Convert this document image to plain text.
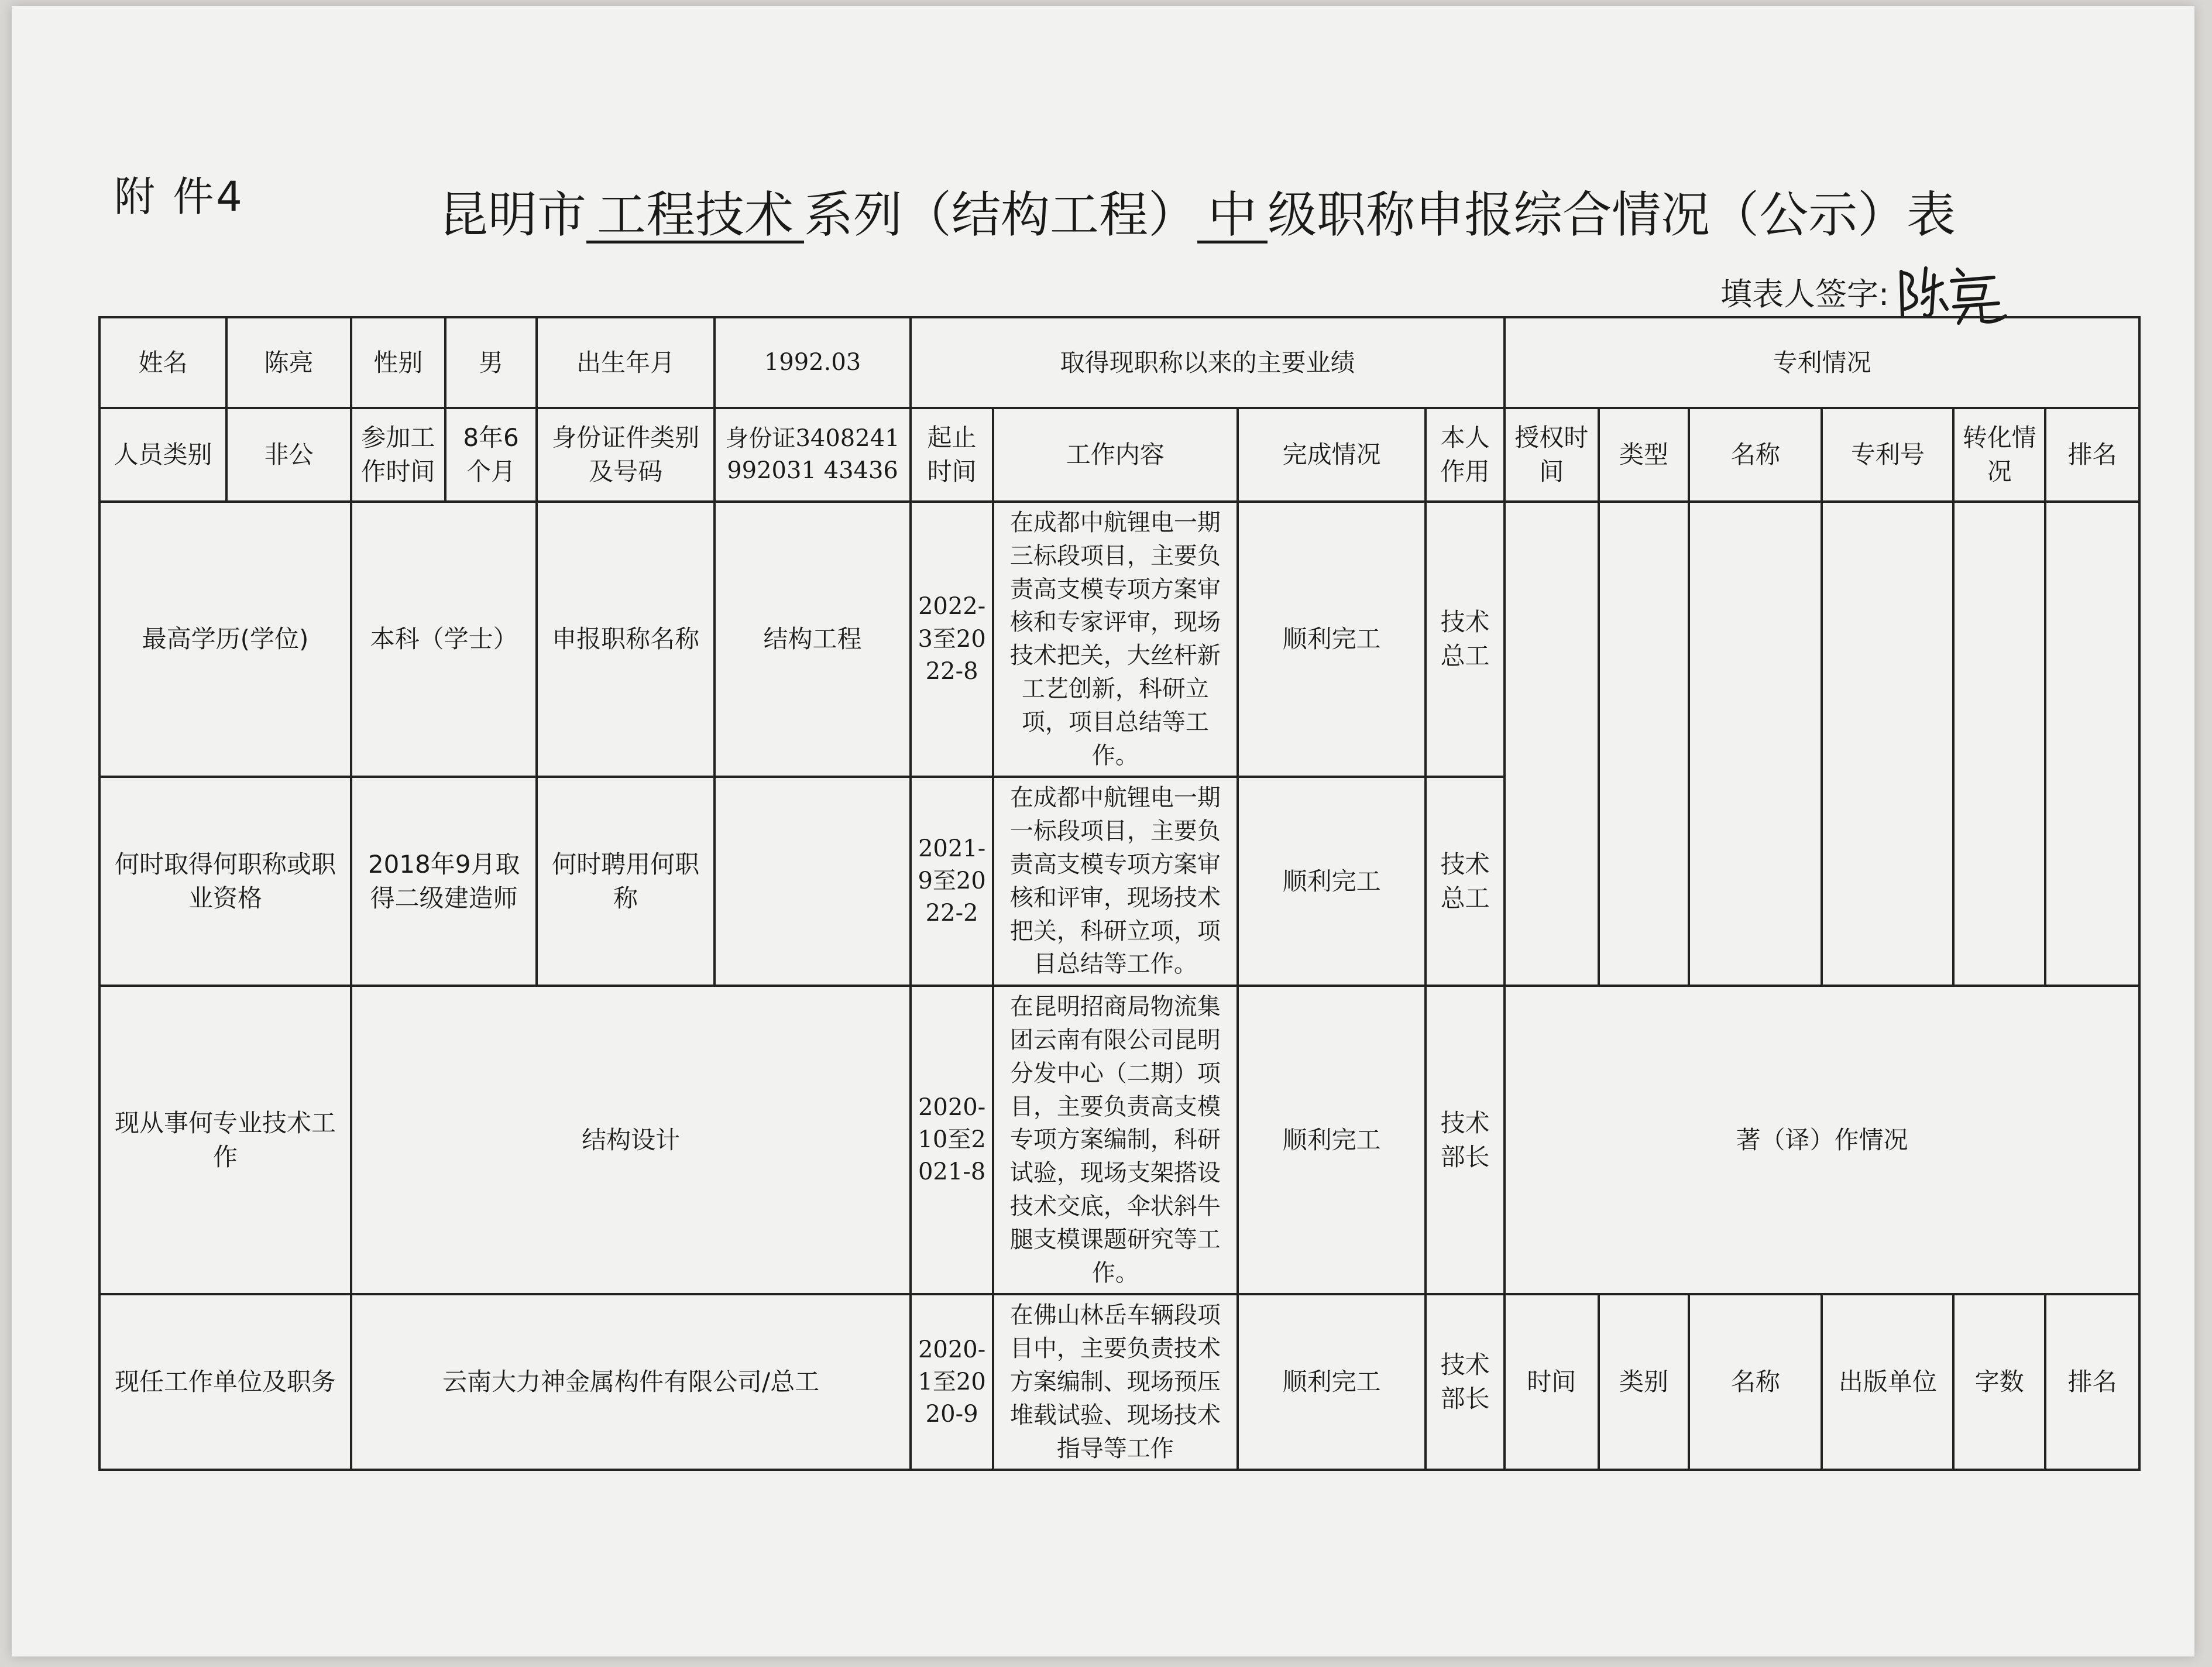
附 件4	昆明市 工程技术 系列（结构工程） 中 级职称申报综合情况（公示）表
填表人签字:
姓名	陈亮	性别	男	出生年月	1992.03	取得现职称以来的主要业绩				专利情况					
人员类别	非公	参加工作时间	8年6个月	身份证件类别及号码	身份证3408241992031 43436	起止时间	工作内容	完成情况	本人作用	授权时间	类型	名称	专利号	转化情况	排名
最高学历(学位)		本科（学士）		申报职称名称	结构工程	2022-3至2022-8	在成都中航锂电一期三标段项目，主要负责高支模专项方案审核和专家评审，现场技术把关，大丝杆新工艺创新，科研立项，项目总结等工作。	顺利完工	技术总工						
何时取得何职称或职业资格		2018年9月取得二级建造师		何时聘用何职称		2021-9至2022-2	在成都中航锂电一期一标段项目，主要负责高支模专项方案审核和评审，现场技术把关，科研立项，项目总结等工作。	顺利完工	技术总工						
现从事何专业技术工作		结构设计				2020-10至2021-8	在昆明招商局物流集团云南有限公司昆明分发中心（二期）项目，主要负责高支模专项方案编制，科研试验，现场支架搭设技术交底，伞状斜牛腿支模课题研究等工作。	顺利完工	技术部长	著（译）作情况					
现任工作单位及职务		云南大力神金属构件有限公司/总工				2020-1至2020-9	在佛山林岳车辆段项目中，主要负责技术方案编制、现场预压堆载试验、现场技术指导等工作	顺利完工	技术部长	时间	类别	名称	出版单位	字数	排名
